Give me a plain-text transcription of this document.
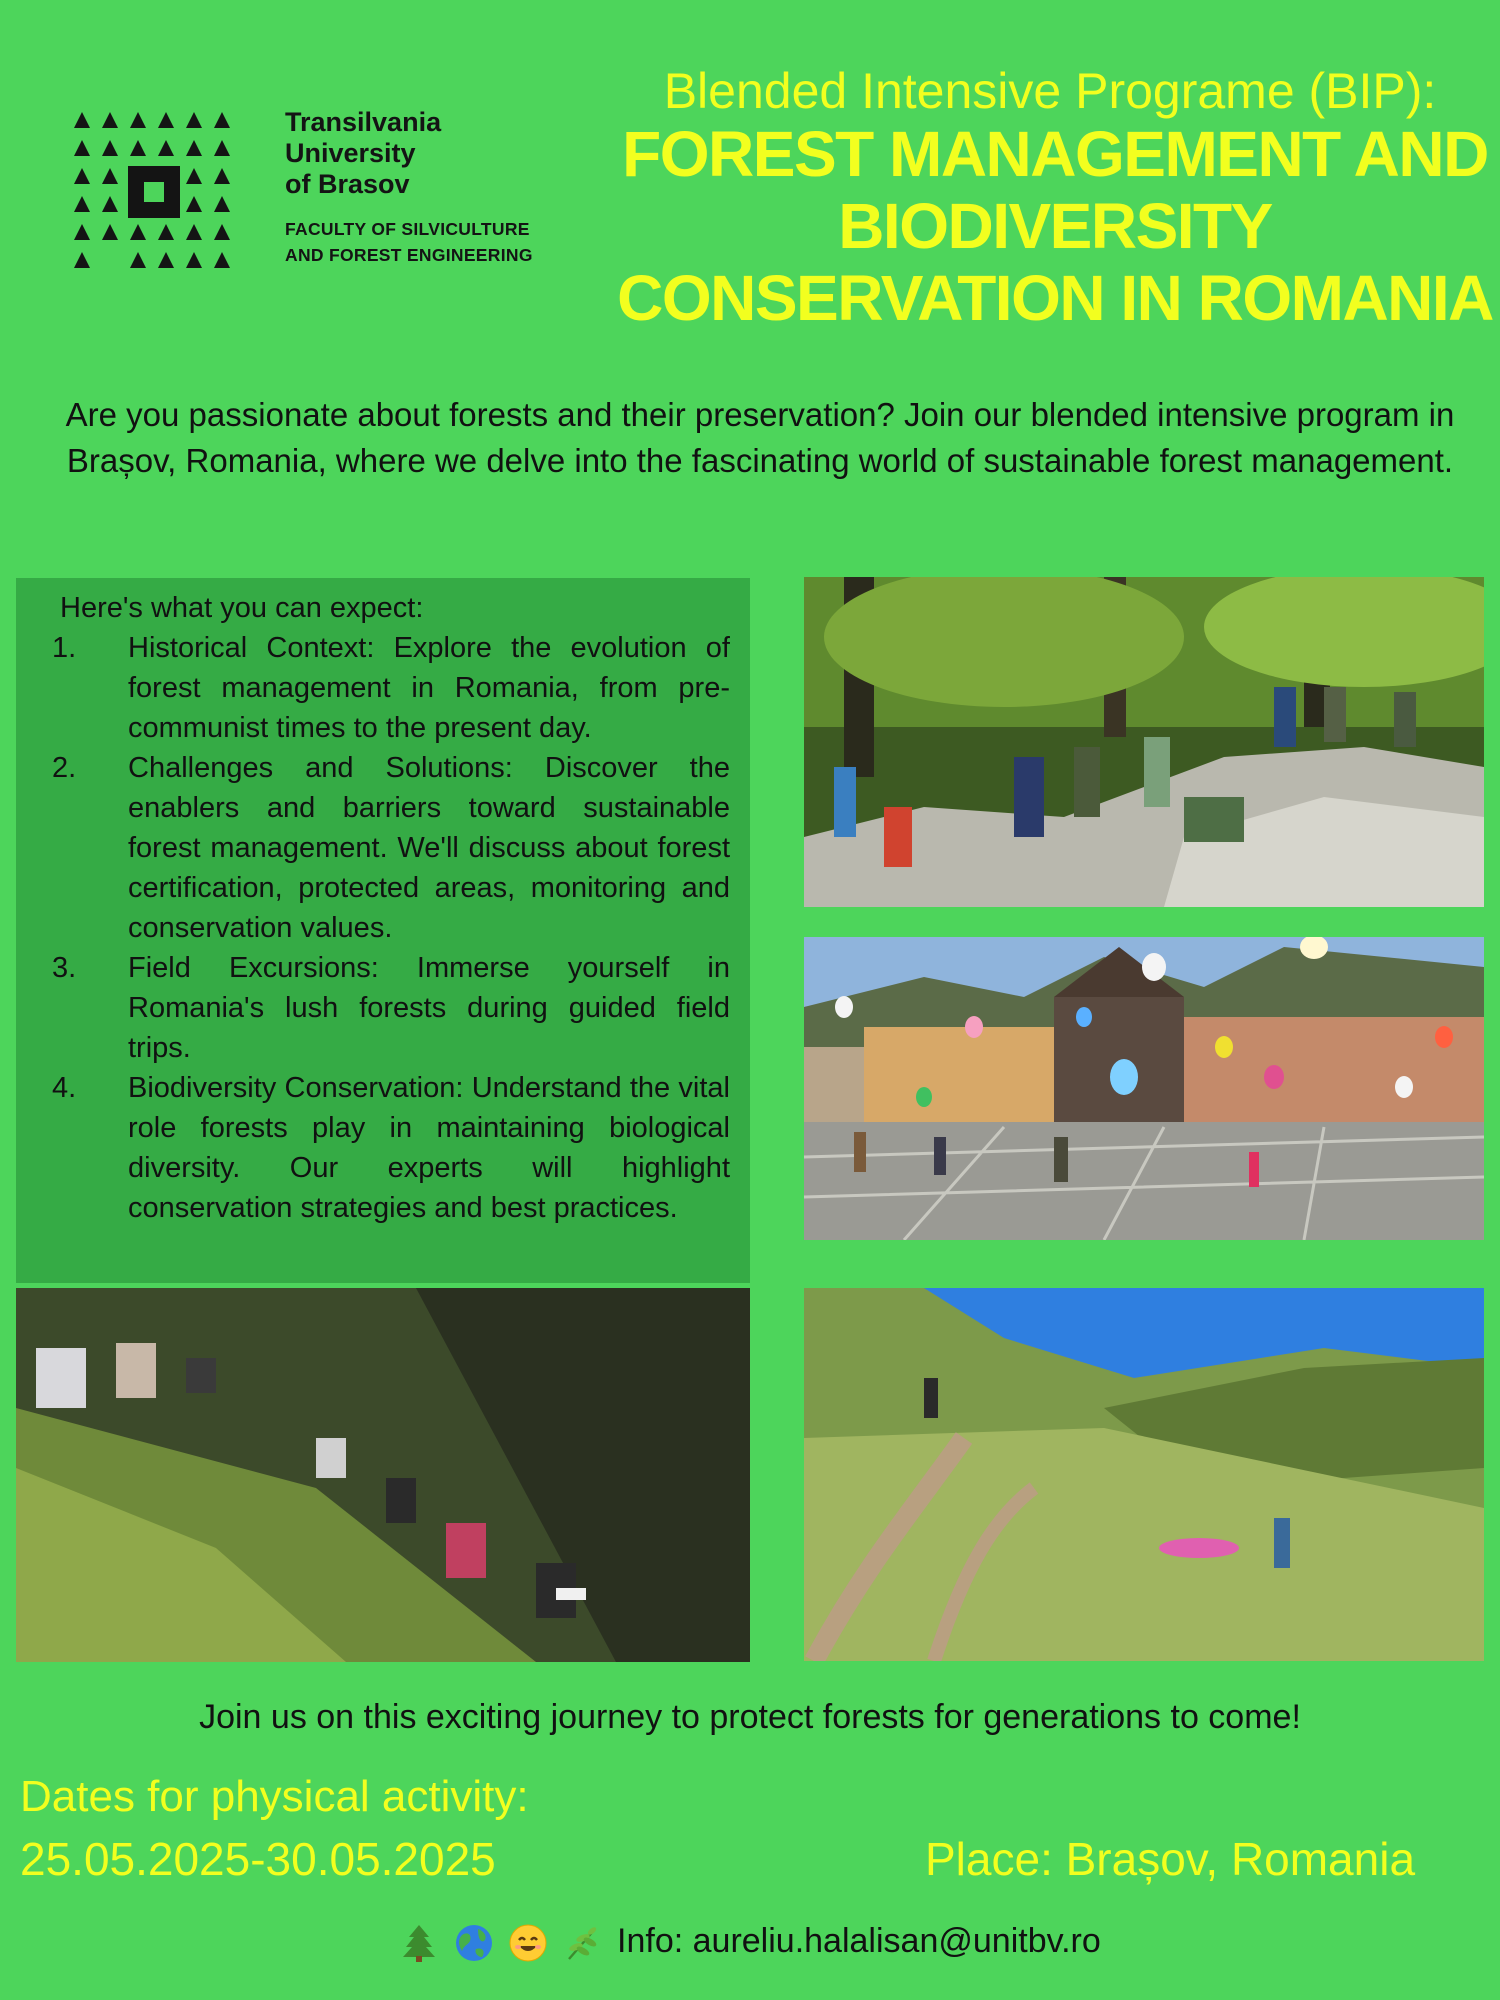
Transilvania
University
of Brasov
FACULTY OF SILVICULTURE
AND FOREST ENGINEERING
Blended Intensive Programe (BIP):
FOREST MANAGEMENT AND
BIODIVERSITY
CONSERVATION IN ROMANIA
Are you passionate about forests and their preservation? Join our blended intensive program in Brașov, Romania, where we delve into the fascinating world of sustainable forest management.
Here's what you can expect:
1. Historical Context: Explore the evolution of forest management in Romania, from pre-communist times to the present day.
2. Challenges and Solutions: Discover the enablers and barriers toward sustainable forest management. We'll discuss about forest certification, protected areas, monitoring and conservation values.
3. Field Excursions: Immerse yourself in Romania's lush forests during guided field trips.
4. Biodiversity Conservation: Understand the vital role forests play in maintaining biological diversity. Our experts will highlight conservation strategies and best practices.
Join us on this exciting journey to protect forests for generations to come!
Dates for physical activity:
25.05.2025-30.05.2025	Place: Brașov, Romania
Info: aureliu.halalisan@unitbv.ro
